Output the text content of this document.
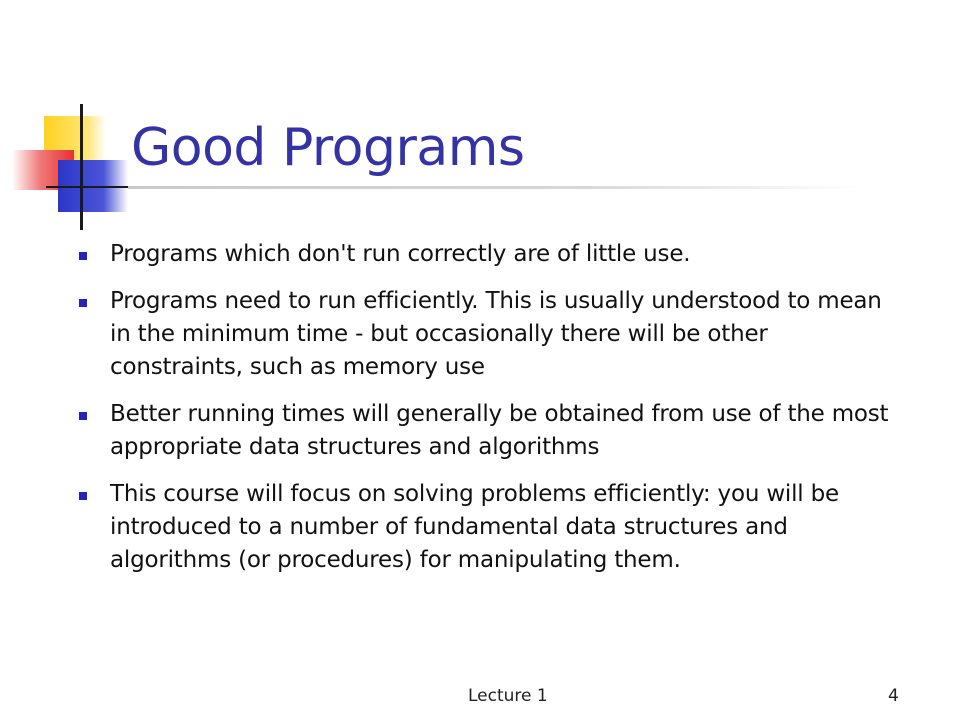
Good Programs
Programs which don't run correctly are of little use.
Programs need to run efficiently. This is usually understood to mean in the minimum time - but occasionally there will be other constraints, such as memory use
Better running times will generally be obtained from use of the most appropriate data structures and algorithms
This course will focus on solving problems efficiently: you will be introduced to a number of fundamental data structures and algorithms (or procedures) for manipulating them.
Lecture 1	4
